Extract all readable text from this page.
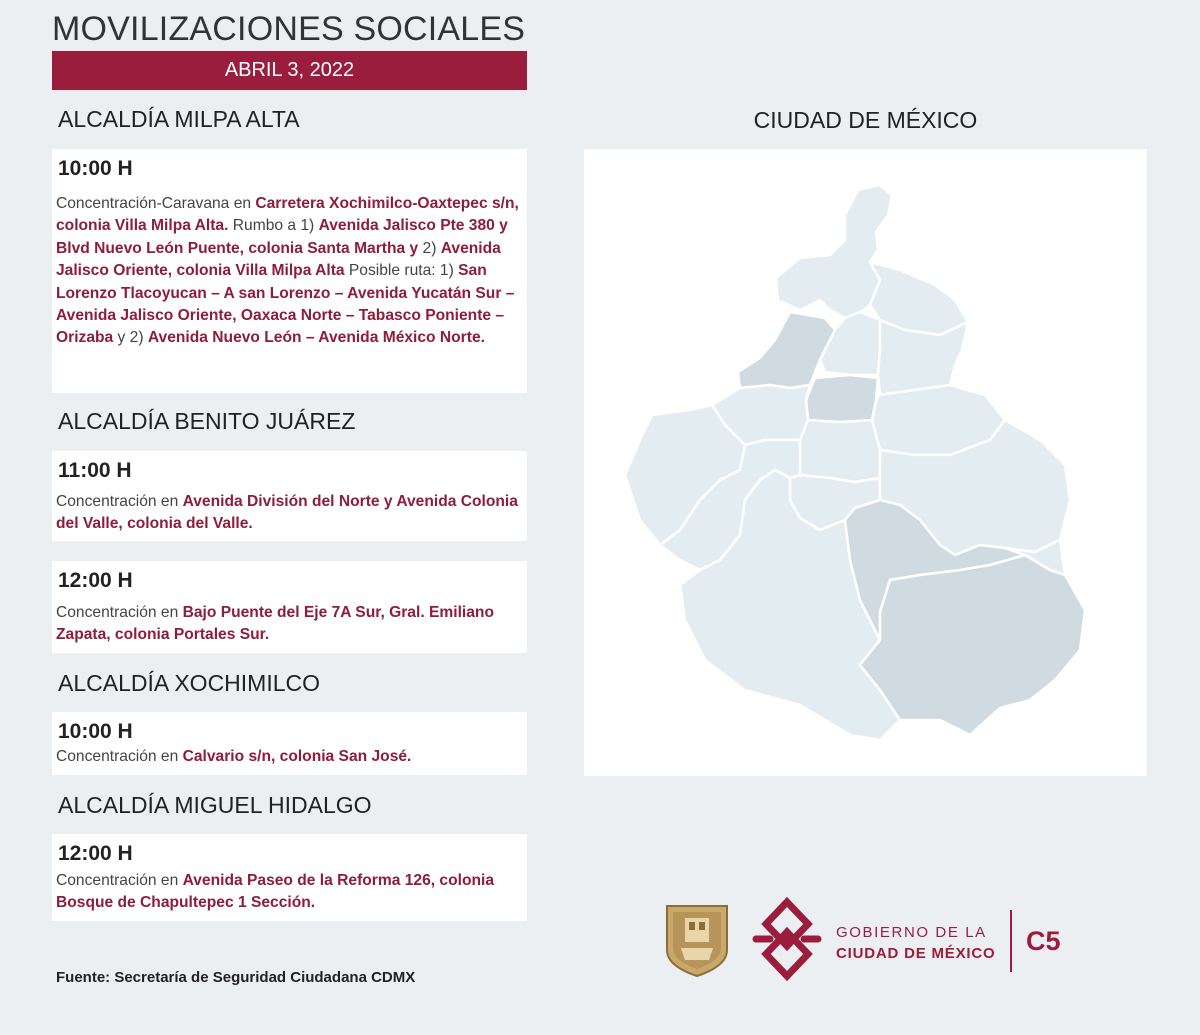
MOVILIZACIONES SOCIALES
ABRIL 3, 2022
ALCALDÍA MILPA ALTA
10:00 H
Concentración-Caravana en Carretera Xochimilco-Oaxtepec s/n, colonia Villa Milpa Alta. Rumbo a 1) Avenida Jalisco Pte 380 y Blvd Nuevo León Puente, colonia Santa Martha y 2) Avenida Jalisco Oriente, colonia Villa Milpa Alta Posible ruta: 1) San Lorenzo Tlacoyucan – A san Lorenzo – Avenida Yucatán Sur – Avenida Jalisco Oriente, Oaxaca Norte – Tabasco Poniente – Orizaba y 2) Avenida Nuevo León – Avenida México Norte.
ALCALDÍA BENITO JUÁREZ
11:00 H
Concentración en Avenida División del Norte y Avenida Colonia del Valle, colonia del Valle.
12:00 H
Concentración en Bajo Puente del Eje 7A Sur, Gral. Emiliano Zapata, colonia Portales Sur.
ALCALDÍA XOCHIMILCO
10:00 H
Concentración en Calvario s/n, colonia San José.
ALCALDÍA MIGUEL HIDALGO
12:00 H
Concentración en Avenida Paseo de la Reforma 126, colonia Bosque de Chapultepec 1 Sección.
CIUDAD DE MÉXICO
Fuente: Secretaría de Seguridad Ciudadana CDMX
GOBIERNO DE LA
CIUDAD DE MÉXICO C5
